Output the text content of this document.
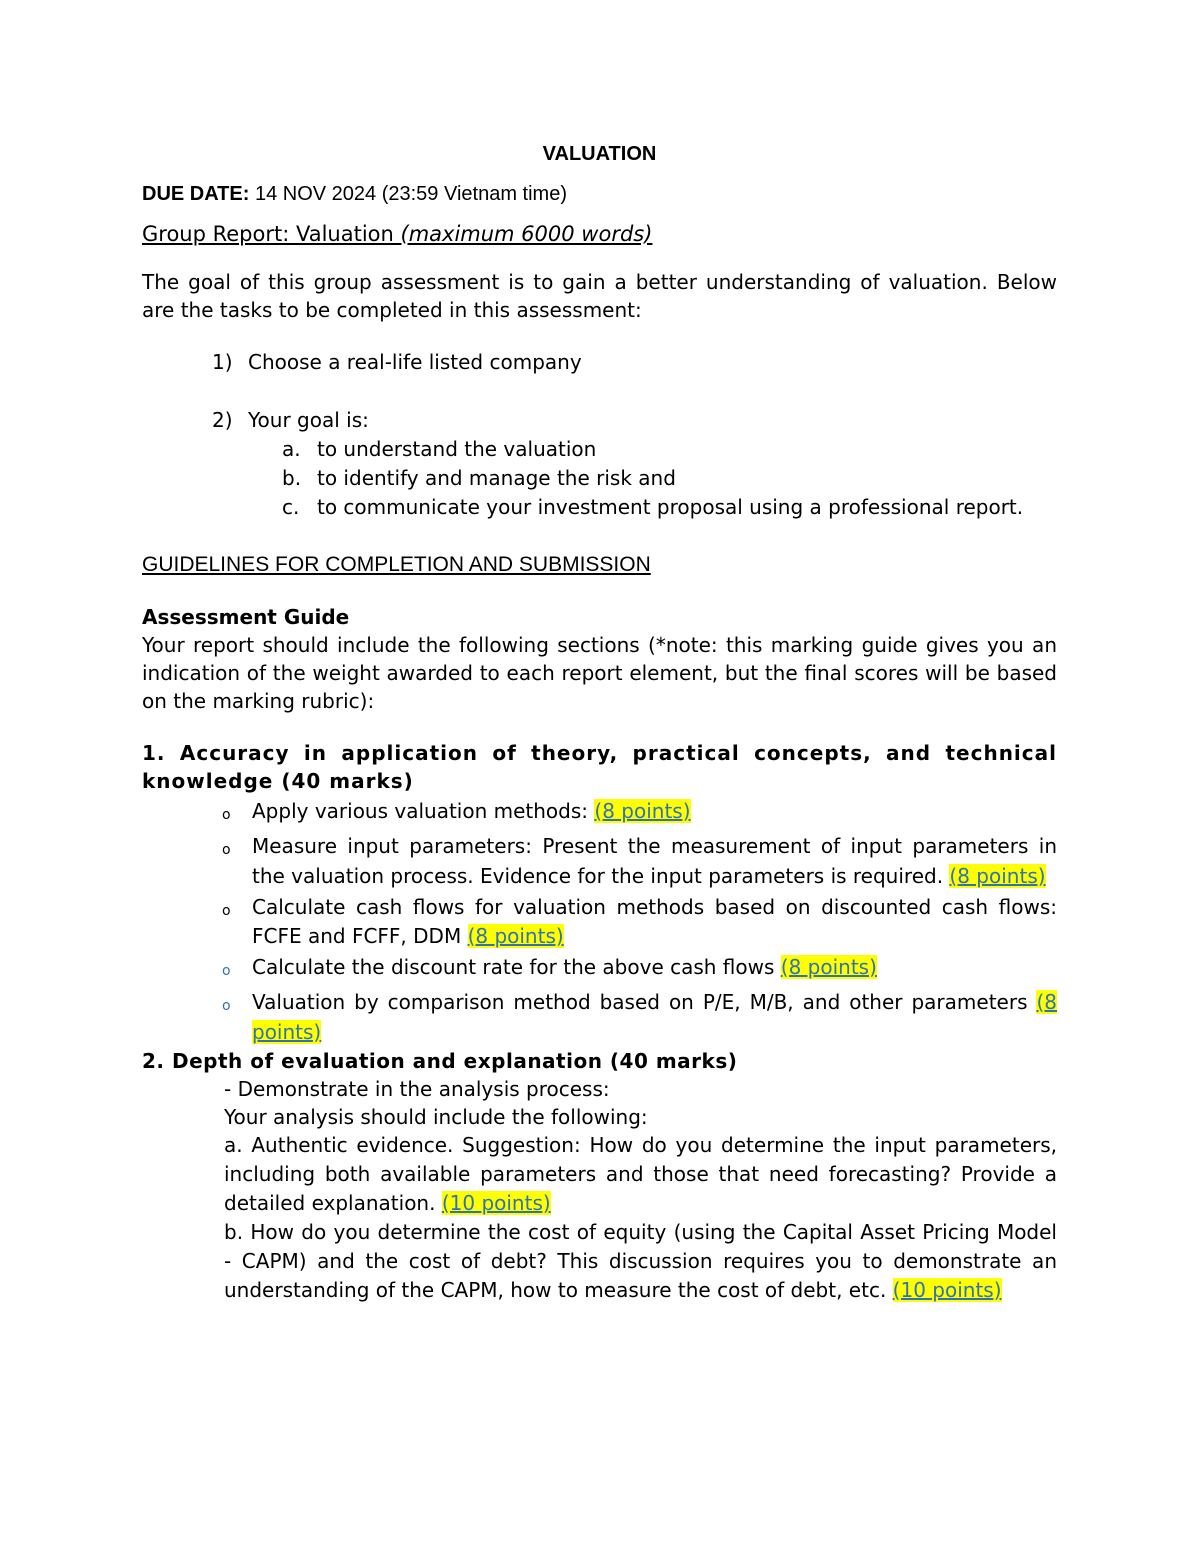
VALUATION

DUE DATE: 14 NOV 2024 (23:59 Vietnam time)

Group Report: Valuation (maximum 6000 words)

The goal of this group assessment is to gain a better understanding of valuation. Below are the tasks to be completed in this assessment:

1) Choose a real-life listed company
2) Your goal is:
a. to understand the valuation
b. to identify and manage the risk and
c. to communicate your investment proposal using a professional report.

GUIDELINES FOR COMPLETION AND SUBMISSION

Assessment Guide

Your report should include the following sections (*note: this marking guide gives you an indication of the weight awarded to each report element, but the final scores will be based on the marking rubric):

1. Accuracy in application of theory, practical concepts, and technical knowledge (40 marks)

o	Apply various valuation methods: (8 points)
o	Measure input parameters: Present the measurement of input parameters in the valuation process. Evidence for the input parameters is required. (8 points)
o	Calculate cash flows for valuation methods based on discounted cash flows: FCFE and FCFF, DDM (8 points)
o	Calculate the discount rate for the above cash flows (8 points)
o	Valuation by comparison method based on P/E, M/B, and other parameters (8 points)

2. Depth of evaluation and explanation (40 marks)

- Demonstrate in the analysis process:

Your analysis should include the following:

a. Authentic evidence. Suggestion: How do you determine the input parameters, including both available parameters and those that need forecasting? Provide a detailed explanation. (10 points)

b. How do you determine the cost of equity (using the Capital Asset Pricing Model - CAPM) and the cost of debt? This discussion requires you to demonstrate an understanding of the CAPM, how to measure the cost of debt, etc. (10 points)
